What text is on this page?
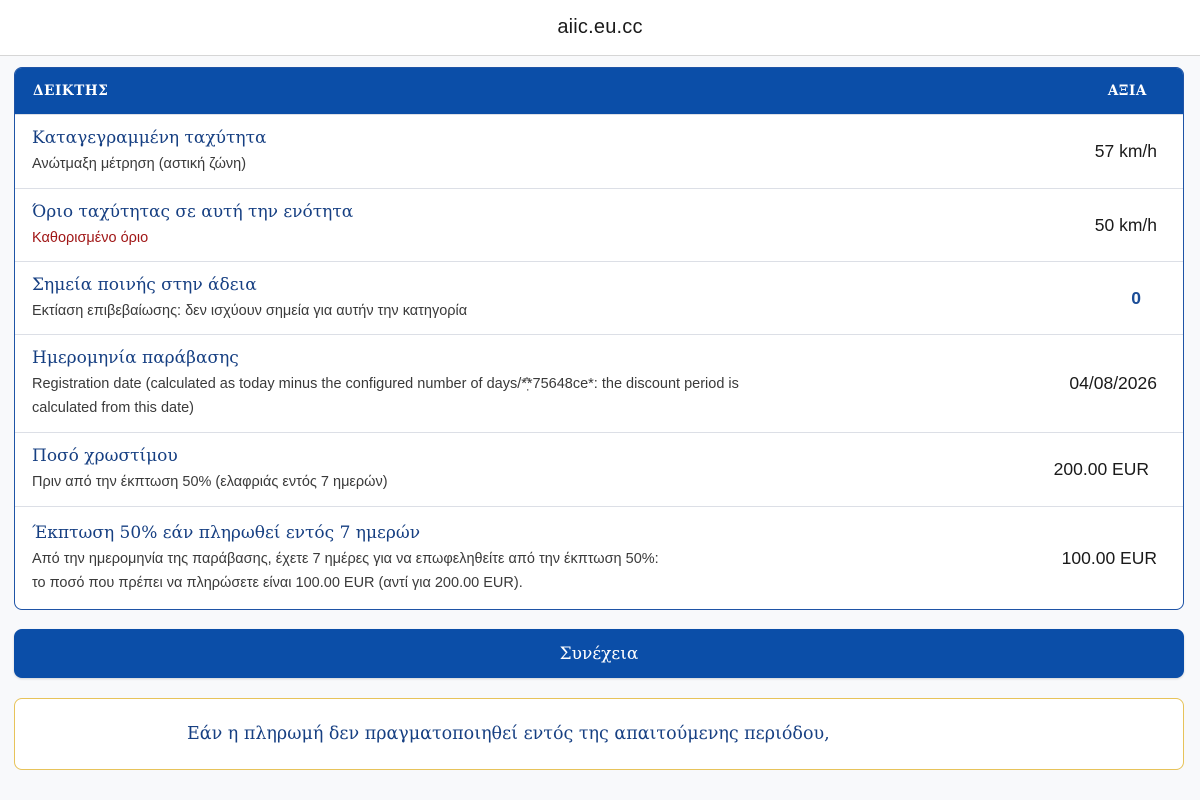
aiic.eu.cc
ΔΕΙΚΤΗΣ	ΑΞΙΑ
Καταγεγραμμένη ταχύτητα
Ανώτμαξη μέτρηση (αστική ζώνη)
57 km/h
Όριο ταχύτητας σε αυτή την ενότητα
Καθορισμένο όριο
50 km/h
Σημεία ποινής στην άδεια
Εκτίαση επιβεβαίωσης: δεν ισχύουν σημεία για αυτήν την κατηγορία
0
Ημερομηνία παράβασης
Registration date (calculated as today minus the configured number of days/*̂*̣75648ce*: the discount period is calculated from this date)
04/08/2026
Ποσό χρωστίμου
Πριν από την έκπτωση 50% (ελαφριάς εντός 7 ημερών)
200.00 EUR
Έκπτωση 50% εάν πληρωθεί εντός 7 ημερών
Από την ημερομηνία της παράβασης, έχετε 7 ημέρες για να επωφεληθείτε από την έκπτωση 50%:
το ποσό που πρέπει να πληρώσετε είναι 100.00 EUR (αντί για 200.00 EUR).
100.00 EUR
Συνέχεια
Εάν η πληρωμή δεν πραγματοποιηθεί εντός της απαιτούμενης περιόδου,
